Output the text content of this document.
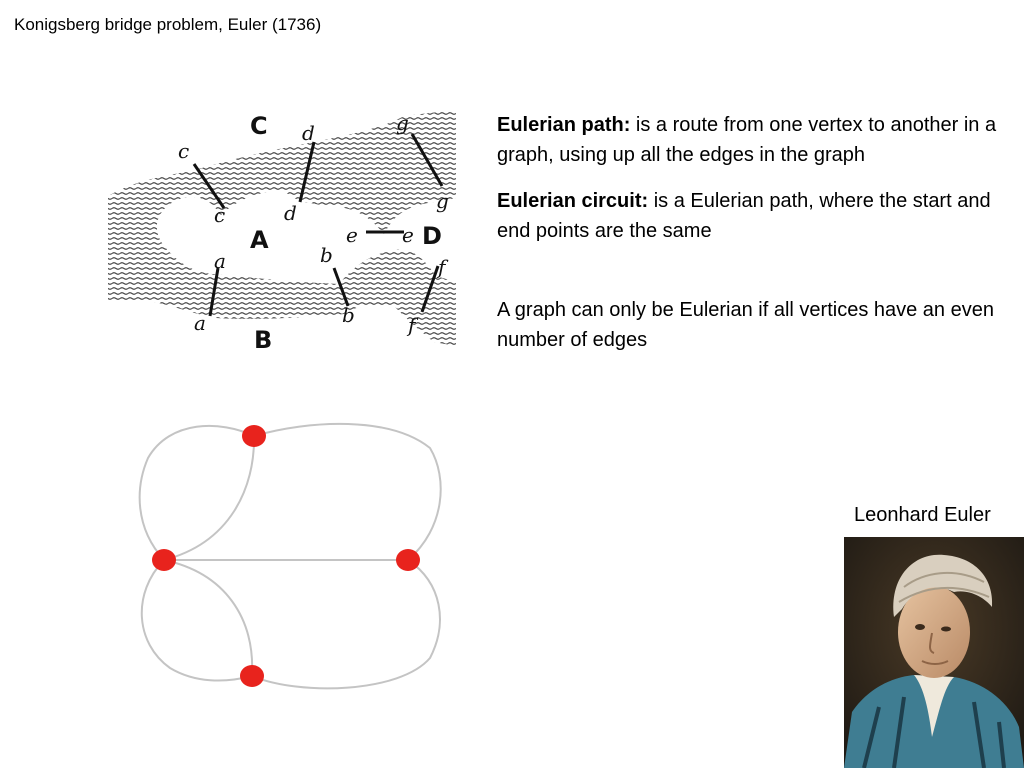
Konigsberg bridge problem, Euler (1736)
c
c
d
d
g
g
e e
a
a
b
b
f
f
A
B
C
D

Eulerian path: is a route from one vertex to another in a graph, using up all the edges in the graph

Eulerian circuit: is a Eulerian path, where the start and end points are the same

A graph can only be Eulerian if all vertices have an even number of edges

Leonhard Euler
